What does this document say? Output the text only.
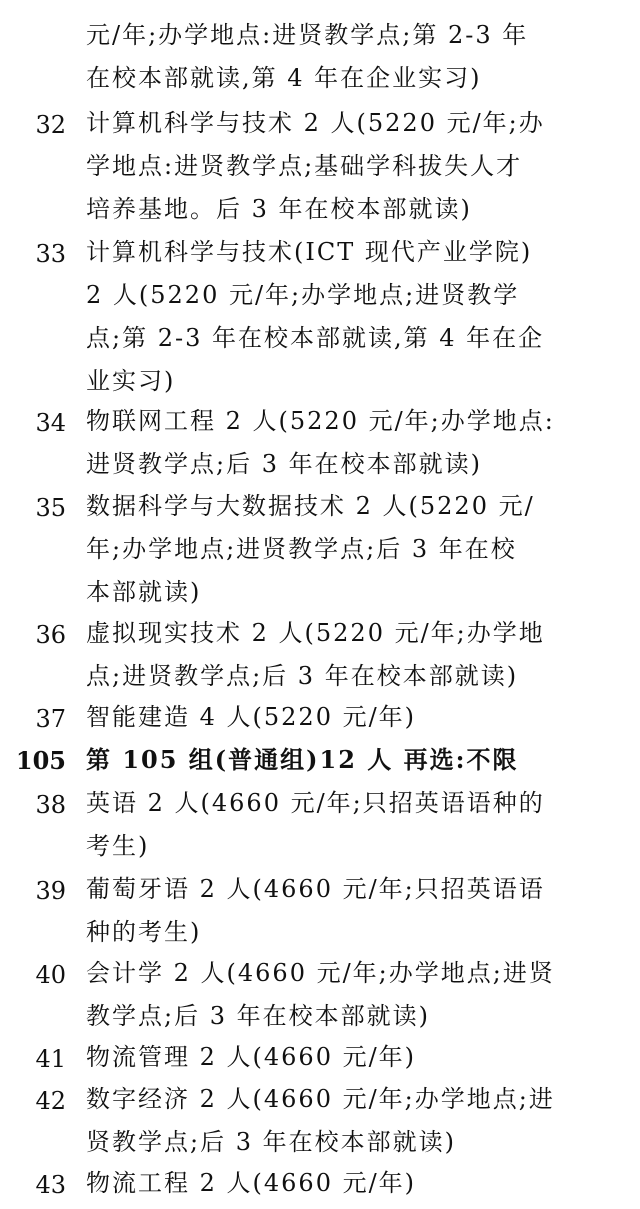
元/年;办学地点:进贤教学点;第 2-3 年
在校本部就读,第 4 年在企业实习)
32 计算机科学与技术 2 人(5220 元/年;办
学地点:进贤教学点;基础学科拔失人才
培养基地。后 3 年在校本部就读)
33 计算机科学与技术(ICT 现代产业学院)
2 人(5220 元/年;办学地点;进贤教学
点;第 2-3 年在校本部就读,第 4 年在企
业实习)
34 物联网工程 2 人(5220 元/年;办学地点:
进贤教学点;后 3 年在校本部就读)
35 数据科学与大数据技术 2 人(5220 元/
年;办学地点;进贤教学点;后 3 年在校
本部就读)
36 虚拟现实技术 2 人(5220 元/年;办学地
点;进贤教学点;后 3 年在校本部就读)
37 智能建造 4 人(5220 元/年)
105 第 105 组(普通组)12 人 再选:不限
38 英语 2 人(4660 元/年;只招英语语种的
考生)
39 葡萄牙语 2 人(4660 元/年;只招英语语
种的考生)
40 会计学 2 人(4660 元/年;办学地点;进贤
教学点;后 3 年在校本部就读)
41 物流管理 2 人(4660 元/年)
42 数字经济 2 人(4660 元/年;办学地点;进
贤教学点;后 3 年在校本部就读)
43 物流工程 2 人(4660 元/年)
